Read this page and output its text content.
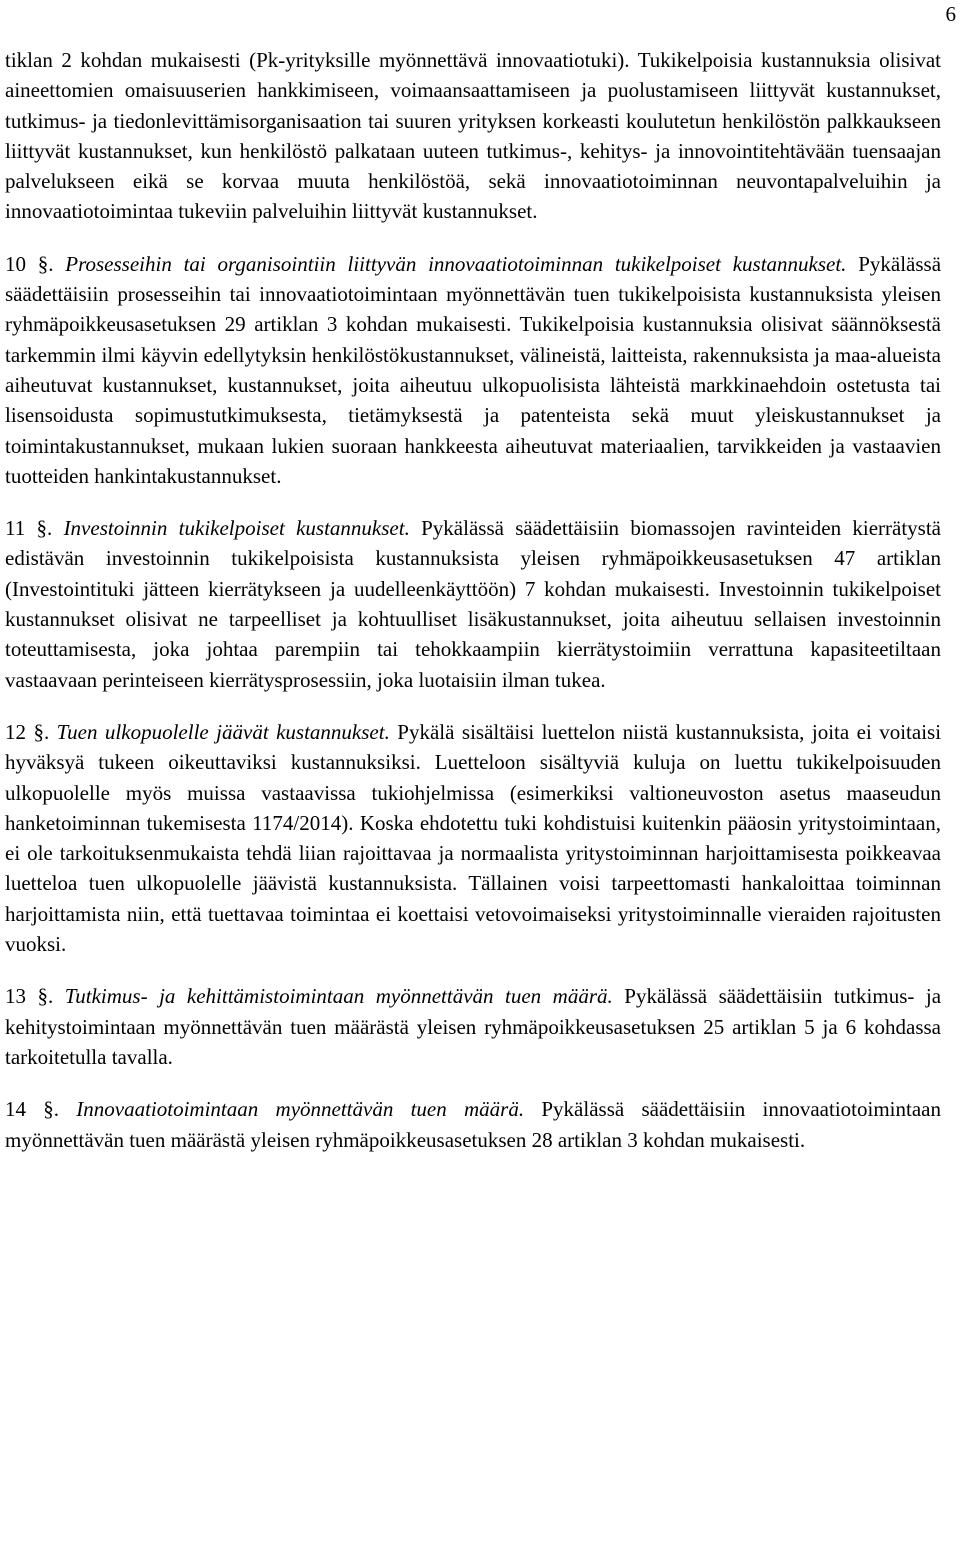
6

tiklan 2 kohdan mukaisesti (Pk-yrityksille myönnettävä innovaatiotuki). Tukikelpoisia kustannuksia olisivat aineettomien omaisuuserien hankkimiseen, voimaansaattamiseen ja puolustamiseen liittyvät kustannukset, tutkimus- ja tiedonlevittämisorganisaation tai suuren yrityksen korkeasti koulutetun henkilöstön palkkaukseen liittyvät kustannukset, kun henkilöstö palkataan uuteen tutkimus-, kehitys- ja innovointitehtävään tuensaajan palvelukseen eikä se korvaa muuta henkilöstöä, sekä innovaatiotoiminnan neuvontapalveluihin ja innovaatiotoimintaa tukeviin palveluihin liittyvät kustannukset.

10 §. Prosesseihin tai organisointiin liittyvän innovaatiotoiminnan tukikelpoiset kustannukset. Pykälässä säädettäisiin prosesseihin tai innovaatiotoimintaan myönnettävän tuen tukikelpoisista kustannuksista yleisen ryhmäpoikkeusasetuksen 29 artiklan 3 kohdan mukaisesti. Tukikelpoisia kustannuksia olisivat säännöksestä tarkemmin ilmi käyvin edellytyksin henkilöstökustannukset, välineistä, laitteista, rakennuksista ja maa-alueista aiheutuvat kustannukset, kustannukset, joita aiheutuu ulkopuolisista lähteistä markkinaehdoin ostetusta tai lisensoidusta sopimustutkimuksesta, tietämyksestä ja patenteista sekä muut yleiskustannukset ja toimintakustannukset, mukaan lukien suoraan hankkeesta aiheutuvat materiaalien, tarvikkeiden ja vastaavien tuotteiden hankintakustannukset.

11 §. Investoinnin tukikelpoiset kustannukset. Pykälässä säädettäisiin biomassojen ravinteiden kierrätystä edistävän investoinnin tukikelpoisista kustannuksista yleisen ryhmäpoikkeusasetuksen 47 artiklan (Investointituki jätteen kierrätykseen ja uudelleenkäyttöön) 7 kohdan mukaisesti. Investoinnin tukikelpoiset kustannukset olisivat ne tarpeelliset ja kohtuulliset lisäkustannukset, joita aiheutuu sellaisen investoinnin toteuttamisesta, joka johtaa parempiin tai tehokkaampiin kierrätystoimiin verrattuna kapasiteetiltaan vastaavaan perinteiseen kierrätysprosessiin, joka luotaisiin ilman tukea.

12 §. Tuen ulkopuolelle jäävät kustannukset. Pykälä sisältäisi luettelon niistä kustannuksista, joita ei voitaisi hyväksyä tukeen oikeuttaviksi kustannuksiksi. Luetteloon sisältyviä kuluja on luettu tukikelpoisuuden ulkopuolelle myös muissa vastaavissa tukiohjelmissa (esimerkiksi valtioneuvoston asetus maaseudun hanketoiminnan tukemisesta 1174/2014). Koska ehdotettu tuki kohdistuisi kuitenkin pääosin yritystoimintaan, ei ole tarkoituksenmukaista tehdä liian rajoittavaa ja normaalista yritystoiminnan harjoittamisesta poikkeavaa luetteloa tuen ulkopuolelle jäävistä kustannuksista. Tällainen voisi tarpeettomasti hankaloittaa toiminnan harjoittamista niin, että tuettavaa toimintaa ei koettaisi vetovoimaiseksi yritystoiminnalle vieraiden rajoitusten vuoksi.

13 §. Tutkimus- ja kehittämistoimintaan myönnettävän tuen määrä. Pykälässä säädettäisiin tutkimus- ja kehitystoimintaan myönnettävän tuen määrästä yleisen ryhmäpoikkeusasetuksen 25 artiklan 5 ja 6 kohdassa tarkoitetulla tavalla.

14 §. Innovaatiotoimintaan myönnettävän tuen määrä. Pykälässä säädettäisiin innovaatiotoimintaan myönnettävän tuen määrästä yleisen ryhmäpoikkeusasetuksen 28 artiklan 3 kohdan mukaisesti.
